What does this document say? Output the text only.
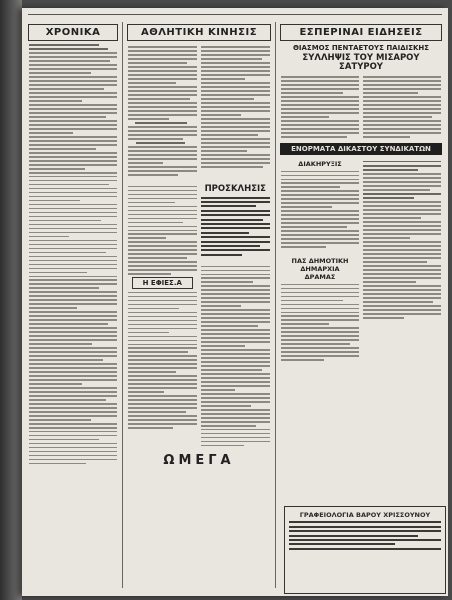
ΧΡΟΝΙΚΑ	ΑΘΛΗΤΙΚΗ ΚΙΝΗΣΙΣ
Η ΕΦΙΕΣ.Α
ΠΡΟΣΚΛΗΣΙΣ
ΩΜΕΓΑ
ΕΣΠΕΡΙΝΑΙ ΕΙΔΗΣΕΙΣ
ΘΙΑΣΜΟΣ ΠΕΝΤΑΕΤΟΥΣ ΠΑΙΔΙΣΚΗΣ
ΣΥΛΛΗΨΙΣ ΤΟΥ ΜΙΣΑΡΟΥ ΣΑΤΥΡΟΥ
ΕΝΟΡΜΑΤΑ ΔΙΚΑΣΤΟΥ ΣΥΝΔΙΚΑΤΩΝ
ΔΙΑΚΗΡΥΞΙΣ
ΠΑΣ ΔΗΜΟΤΙΚΗ ΔΗΜΑΡΧΙΑ ΔΡΑΜΑΣ
ΓΡΑΦΕΙΟΛΟΓΙΑ ΒΑΡΟΥ ΧΡΙΣΣΟΥΝΟΥ
